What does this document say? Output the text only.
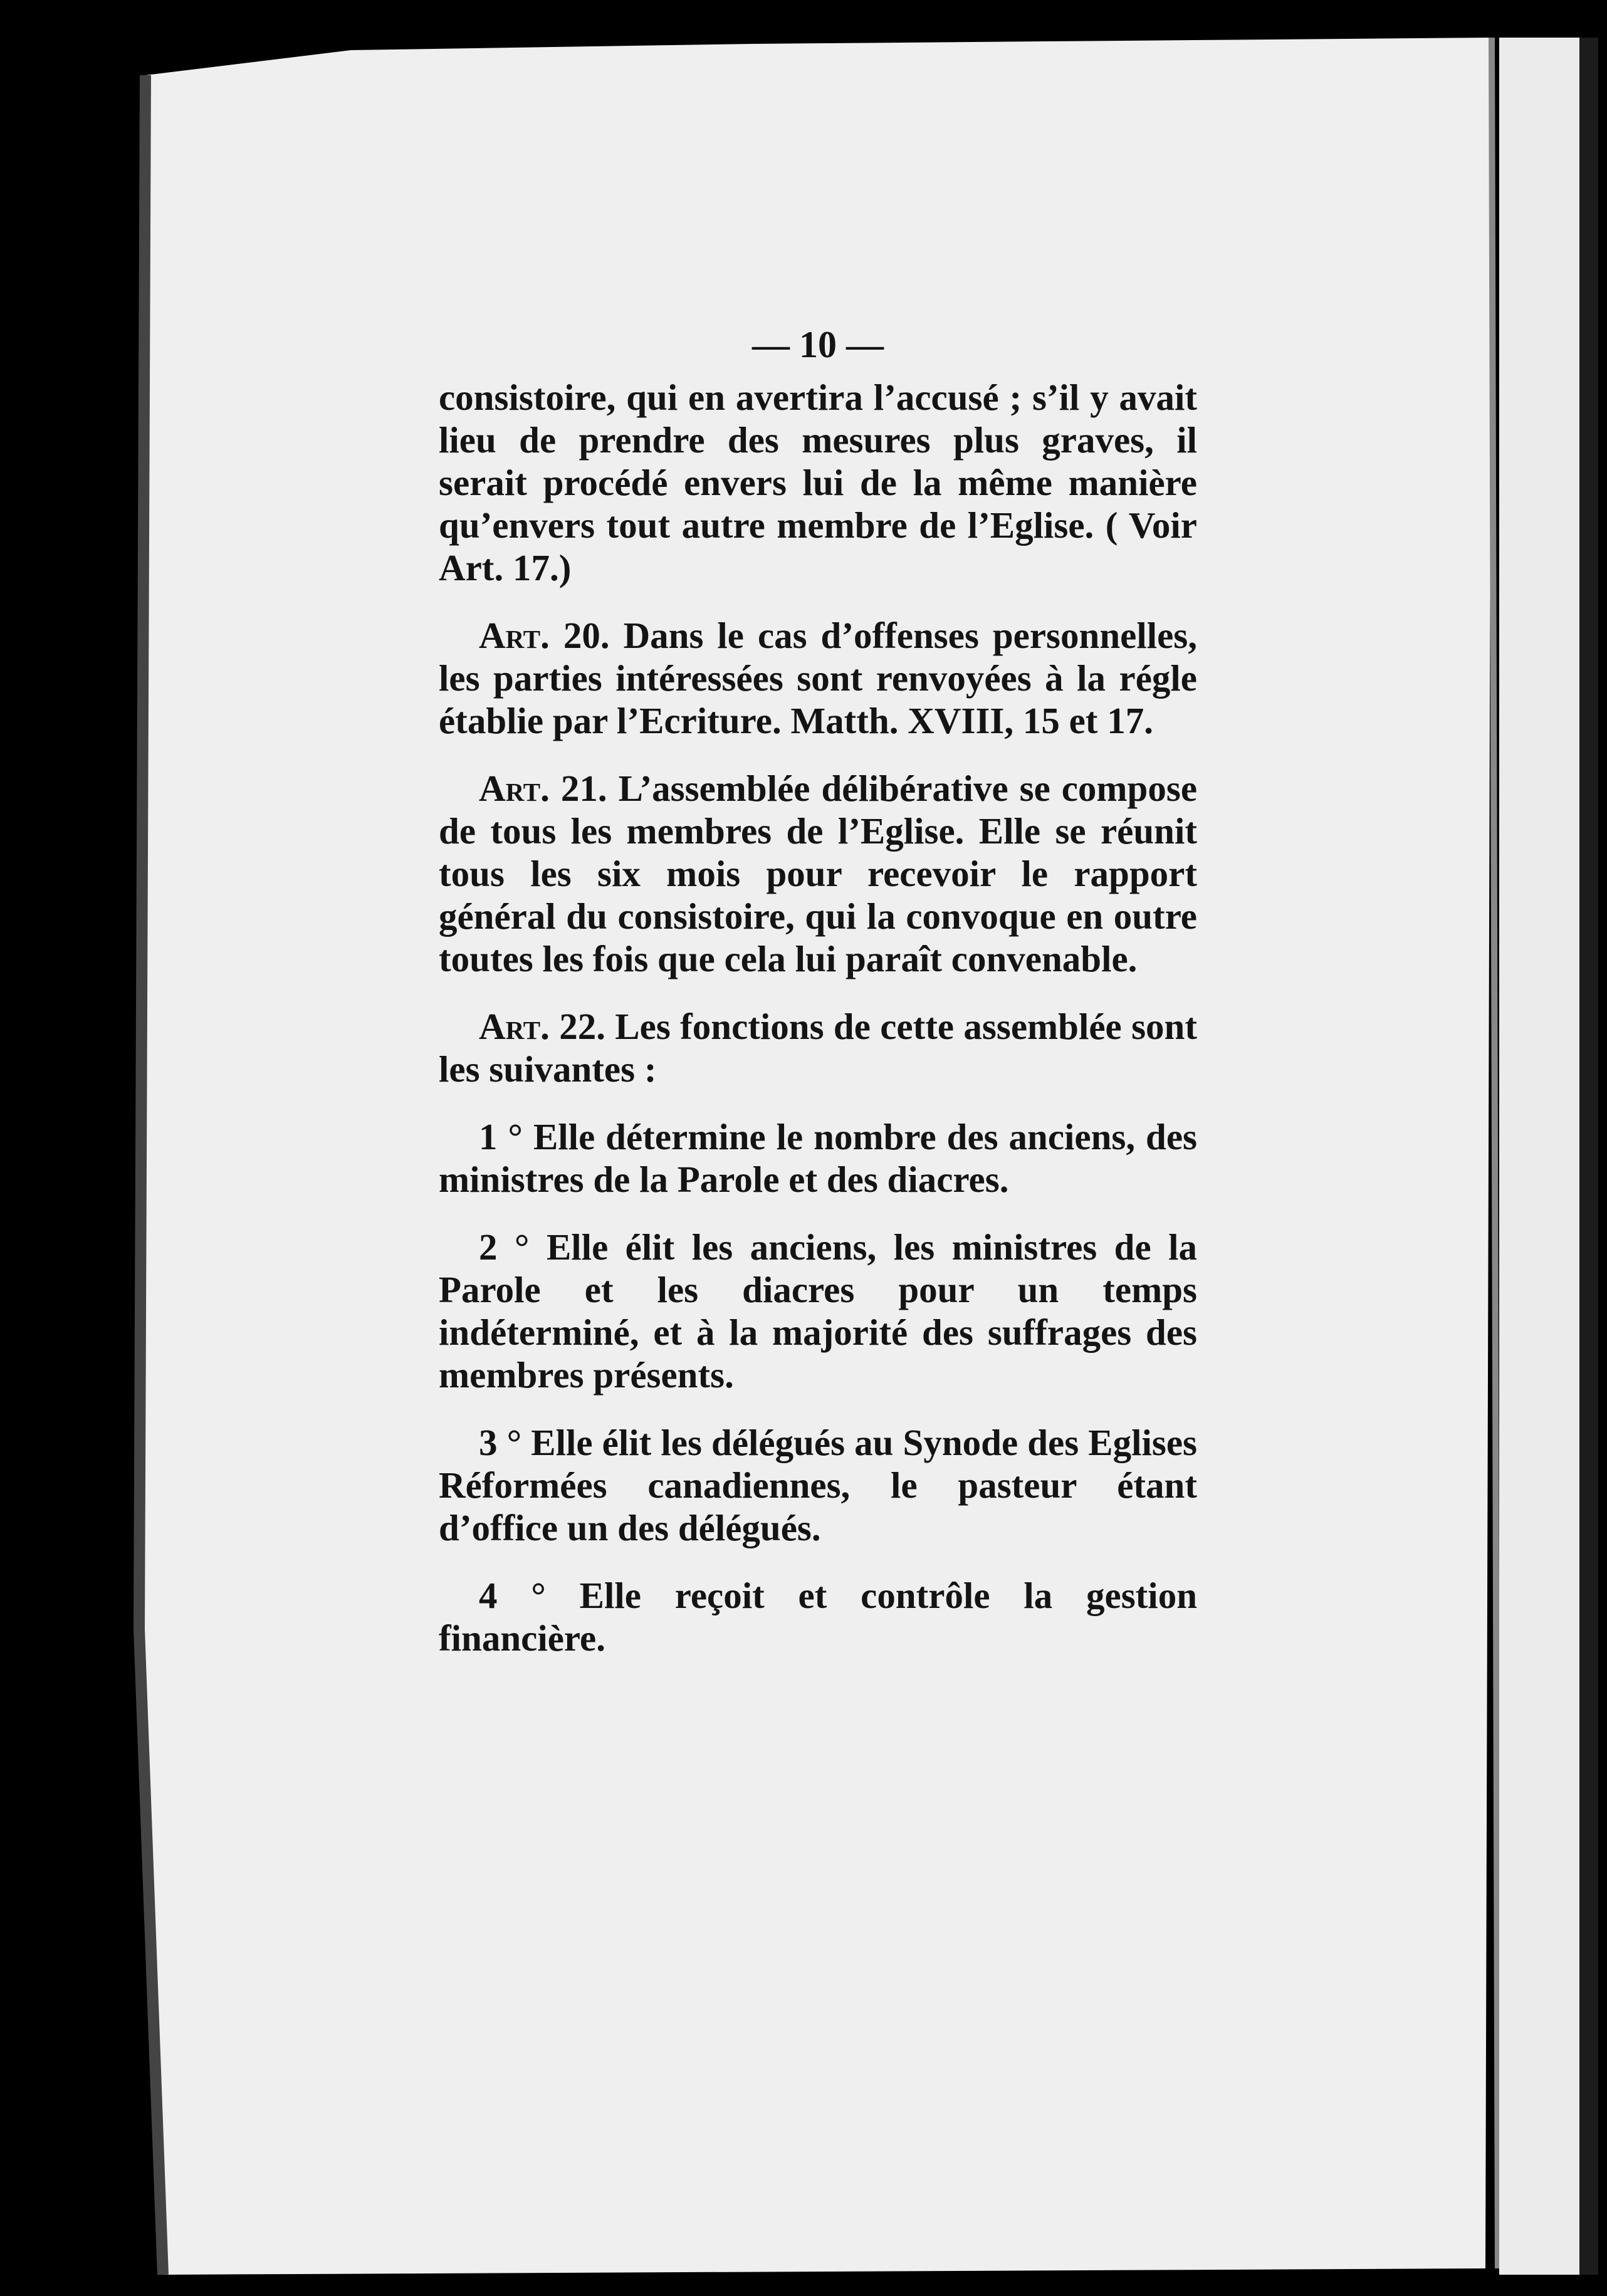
— 10 —

consistoire, qui en avertira l’accusé ; s’il y avait lieu de prendre des mesures plus graves, il serait procédé envers lui de la même manière qu’envers tout autre membre de l’Eglise. ( Voir Art. 17.)

Art. 20. Dans le cas d’offenses personnelles, les parties intéressées sont renvoyées à la régle établie par l’Ecriture. Matth. XVIII, 15 et 17.

Art. 21. L’assemblée délibérative se compose de tous les membres de l’Eglise. Elle se réunit tous les six mois pour recevoir le rapport général du consistoire, qui la convoque en outre toutes les fois que cela lui paraît convenable.

Art. 22. Les fonctions de cette assemblée sont les suivantes :

1 ° Elle détermine le nombre des anciens, des ministres de la Parole et des diacres.

2 ° Elle élit les anciens, les ministres de la Parole et les diacres pour un temps indéterminé, et à la majorité des suffrages des membres présents.

3 ° Elle élit les délégués au Synode des Eglises Réformées canadiennes, le pasteur étant d’office un des délégués.

4 ° Elle reçoit et contrôle la gestion financière.
